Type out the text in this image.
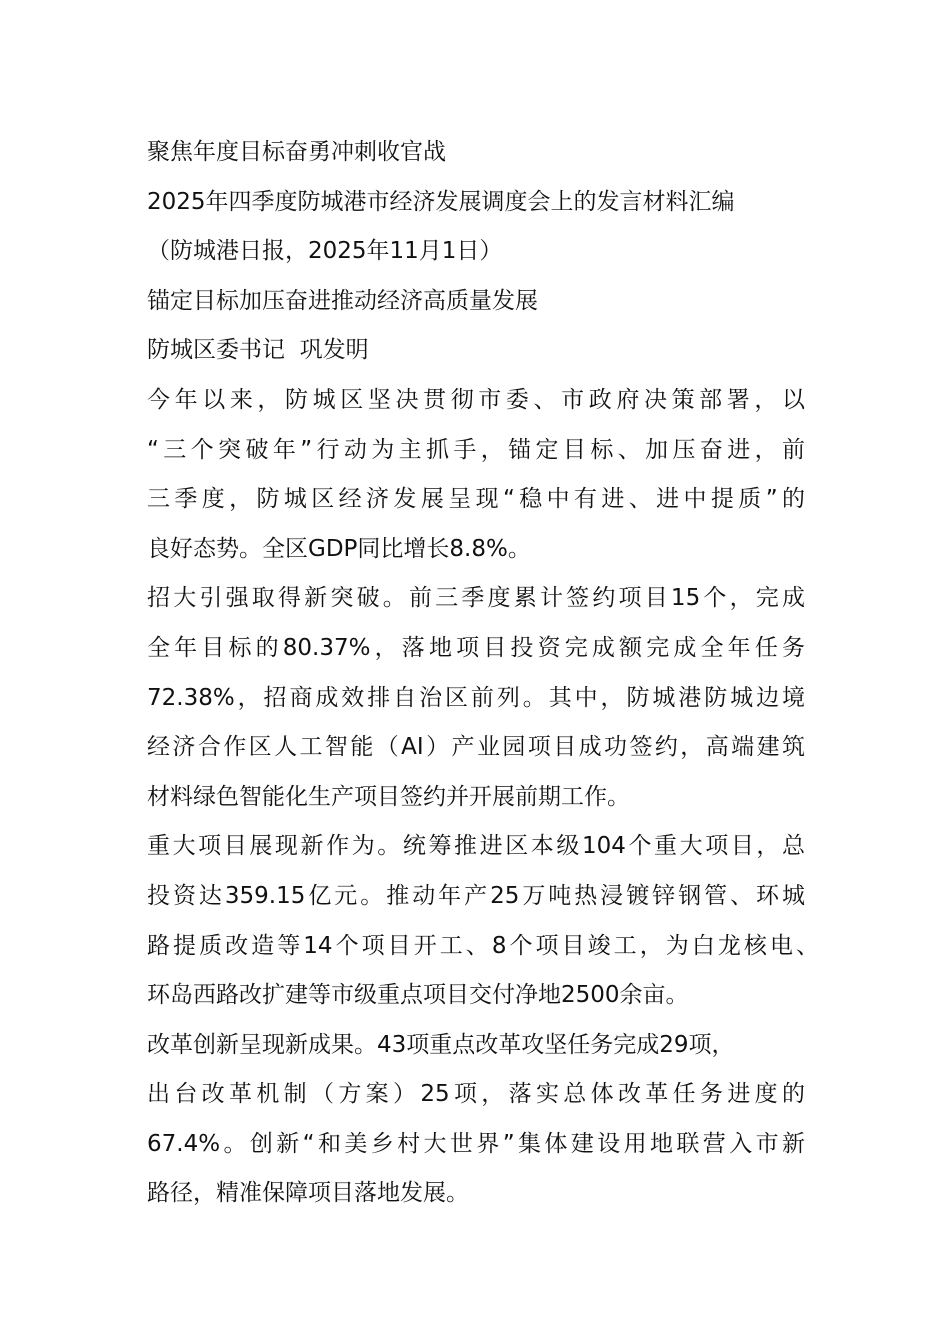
聚焦年度目标奋勇冲刺收官战
2025年四季度防城港市经济发展调度会上的发言材料汇编
（防城港日报，2025年11月1日）
锚定目标加压奋进推动经济高质量发展
防城区委书记  巩发明
今年以来，防城区坚决贯彻市委、市政府决策部署，以
“三个突破年”行动为主抓手，锚定目标、加压奋进，前
三季度，防城区经济发展呈现“稳中有进、进中提质”的
良好态势。全区GDP同比增长8.8%。
招大引强取得新突破。前三季度累计签约项目15个，完成
全年目标的80.37%，落地项目投资完成额完成全年任务
72.38%，招商成效排自治区前列。其中，防城港防城边境
经济合作区人工智能（AI）产业园项目成功签约，高端建筑
材料绿色智能化生产项目签约并开展前期工作。
重大项目展现新作为。统筹推进区本级104个重大项目，总
投资达359.15亿元。推动年产25万吨热浸镀锌钢管、环城
路提质改造等14个项目开工、8个项目竣工，为白龙核电、
环岛西路改扩建等市级重点项目交付净地2500余亩。
改革创新呈现新成果。43项重点改革攻坚任务完成29项，
出台改革机制（方案）25项，落实总体改革任务进度的
67.4%。创新“和美乡村大世界”集体建设用地联营入市新
路径，精准保障项目落地发展。
